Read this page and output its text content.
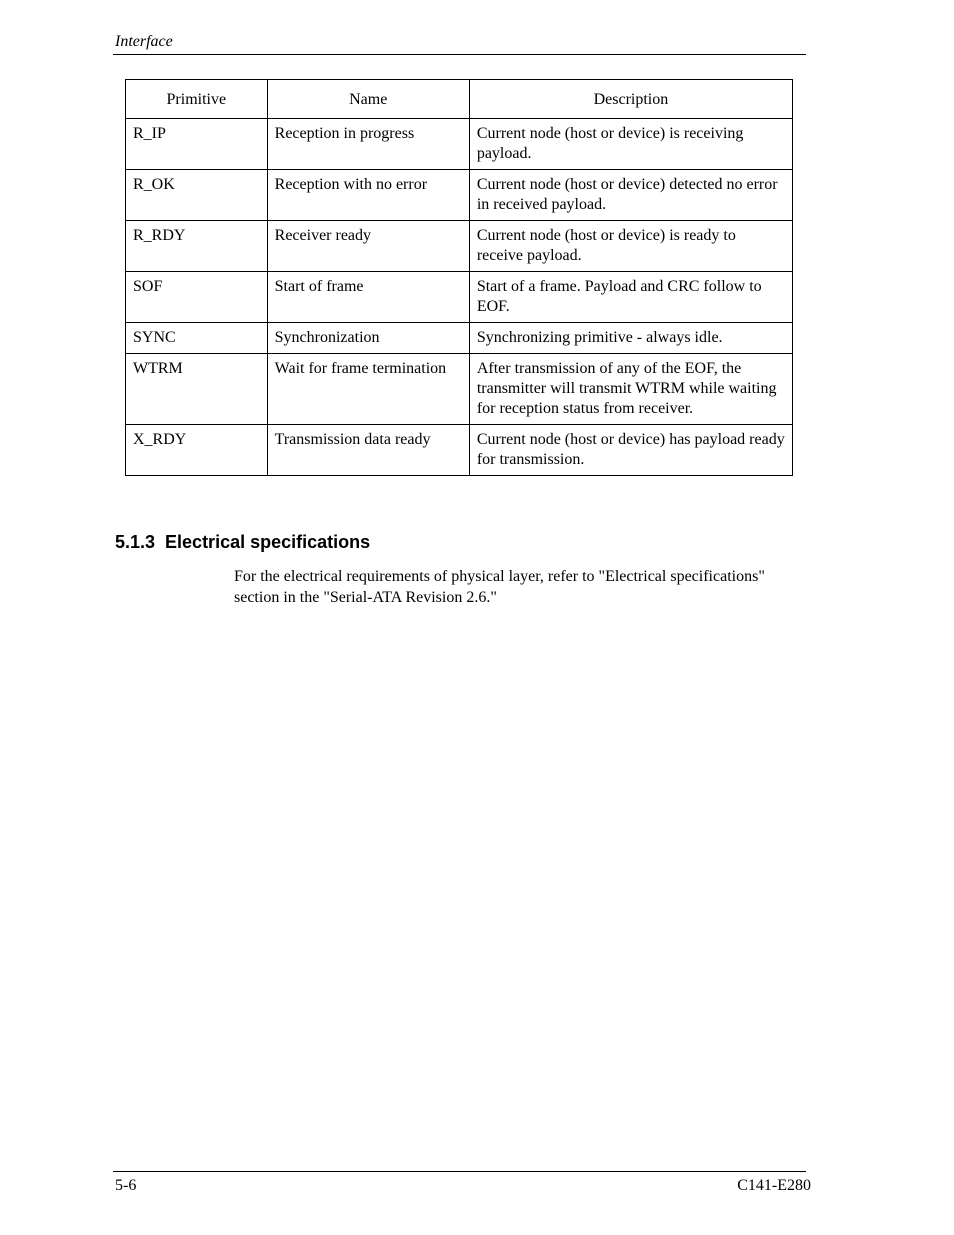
Interface
Primitive	Name	Description
R_IP	Reception in progress	Current node (host or device) is receiving payload.
R_OK	Reception with no error	Current node (host or device) detected no error in received payload.
R_RDY	Receiver ready	Current node (host or device) is ready to receive payload.
SOF	Start of frame	Start of a frame. Payload and CRC follow to EOF.
SYNC	Synchronization	Synchronizing primitive - always idle.
WTRM	Wait for frame termination	After transmission of any of the EOF, the transmitter will transmit WTRM while waiting for reception status from receiver.
X_RDY	Transmission data ready	Current node (host or device) has payload ready for transmission.
5.1.3  Electrical specifications
For the electrical requirements of physical layer, refer to "Electrical specifications" section in the "Serial-ATA Revision 2.6."
5-6	C141-E280
